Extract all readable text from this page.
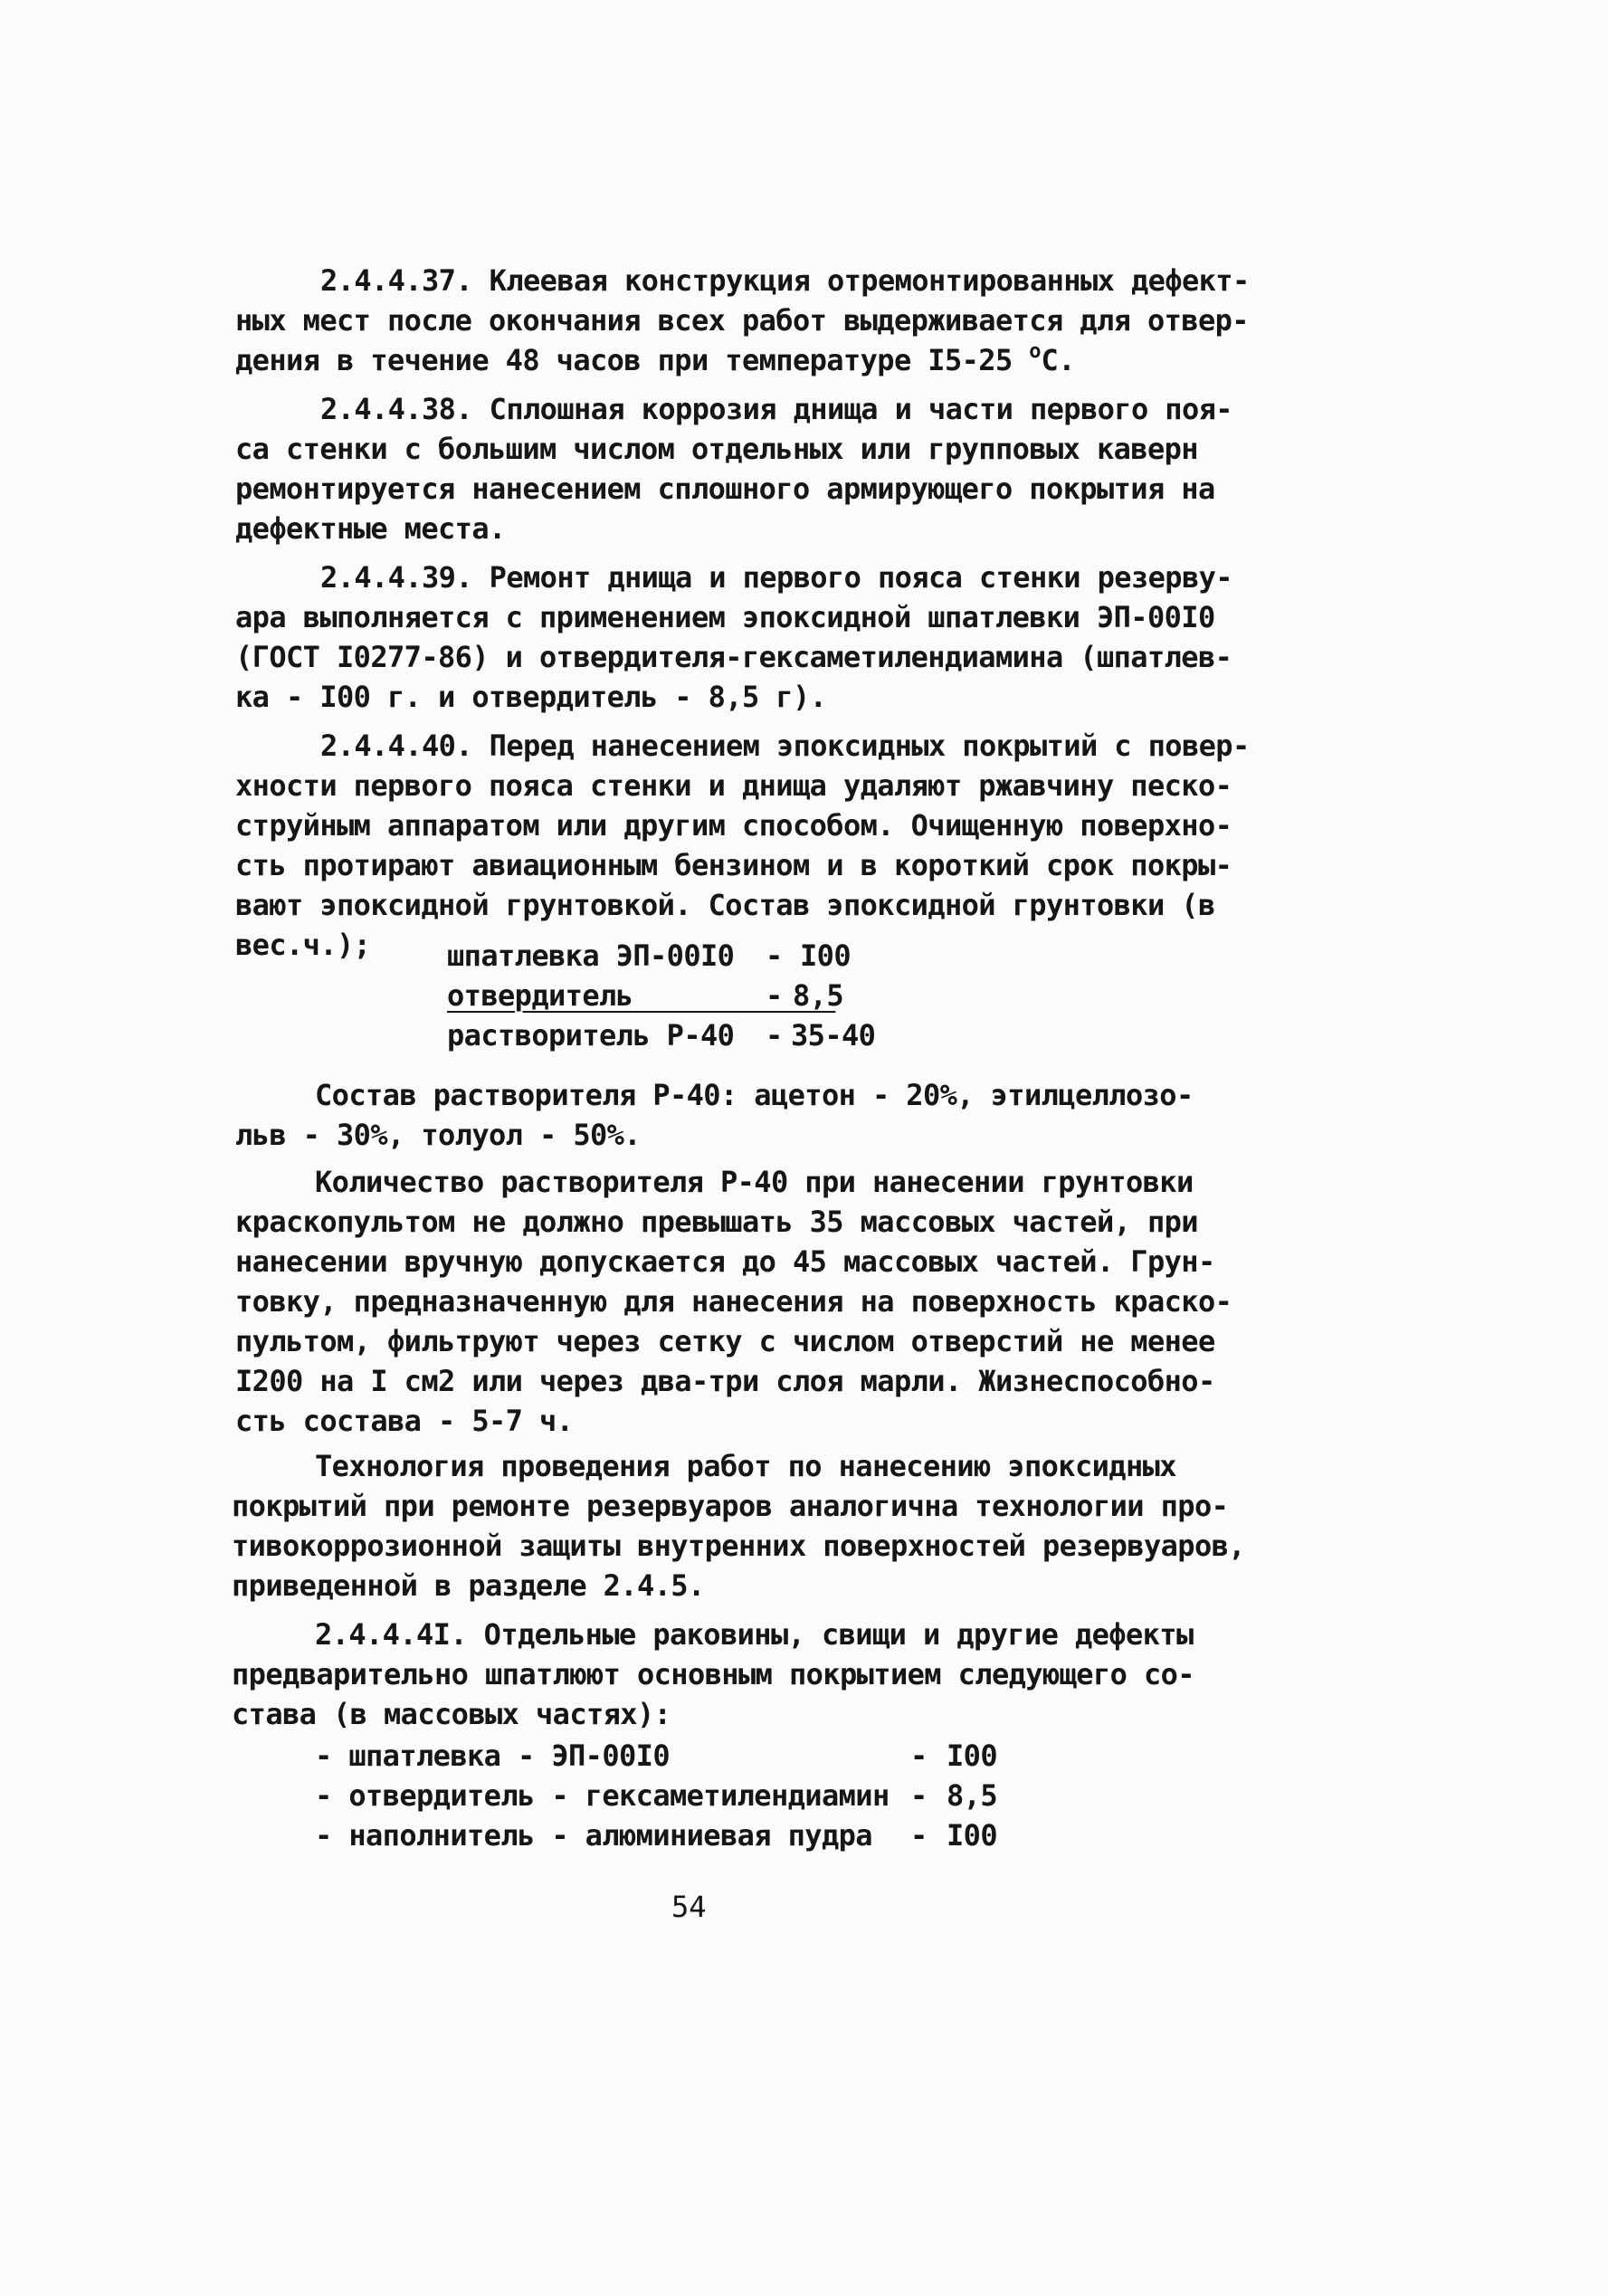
2.4.4.37. Клеевая конструкция отремонтированных дефект-
ных мест после окончания всех работ выдерживается для отвер-
дения в течение 48 часов при температуре I5-25 $^о$С.
2.4.4.38. Сплошная коррозия днища и части первого поя-
са стенки с большим числом отдельных или групповых каверн
ремонтируется нанесением сплошного армирующего покрытия на
дефектные места.
2.4.4.39. Ремонт днища и первого пояса стенки резерву-
ара выполняется с применением эпоксидной шпатлевки ЭП-00I0
(ГОСТ I0277-86) и отвердителя-гексаметилендиамина (шпатлев-
ка - I00 г. и отвердитель - 8,5 г).
2.4.4.40. Перед нанесением эпоксидных покрытий с повер-
хности первого пояса стенки и днища удаляют ржавчину песко-
струйным аппаратом или другим способом. Очищенную поверхно-
сть протирают авиационным бензином и в короткий срок покры-
вают эпоксидной грунтовкой. Состав эпоксидной грунтовки (в
вес.ч.);	шпатлевка ЭП-00I0 - I00
отвердитель	- 8,5
растворитель Р-40 - 35-40
Состав растворителя Р-40: ацетон - 20%, этилцеллозо-
льв - 30%, толуол - 50%.
Количество растворителя Р-40 при нанесении грунтовки
краскопультом не должно превышать 35 массовых частей, при
нанесении вручную допускается до 45 массовых частей. Грун-
товку, предназначенную для нанесения на поверхность краско-
пультом, фильтруют через сетку с числом отверстий не менее
I200 на I см2 или через два-три слоя марли. Жизнеспособно-
сть состава - 5-7 ч.
Технология проведения работ по нанесению эпоксидных
покрытий при ремонте резервуаров аналогична технологии про-
тивокоррозионной защиты внутренних поверхностей резервуаров,
приведенной в разделе 2.4.5.
2.4.4.4I. Отдельные раковины, свищи и другие дефекты
предварительно шпатлюют основным покрытием следующего со-
става (в массовых частях):
- шпатлевка - ЭП-00I0	- I00
- отвердитель - гексаметилендиамин - 8,5
- наполнитель - алюминиевая пудра - I00
54
